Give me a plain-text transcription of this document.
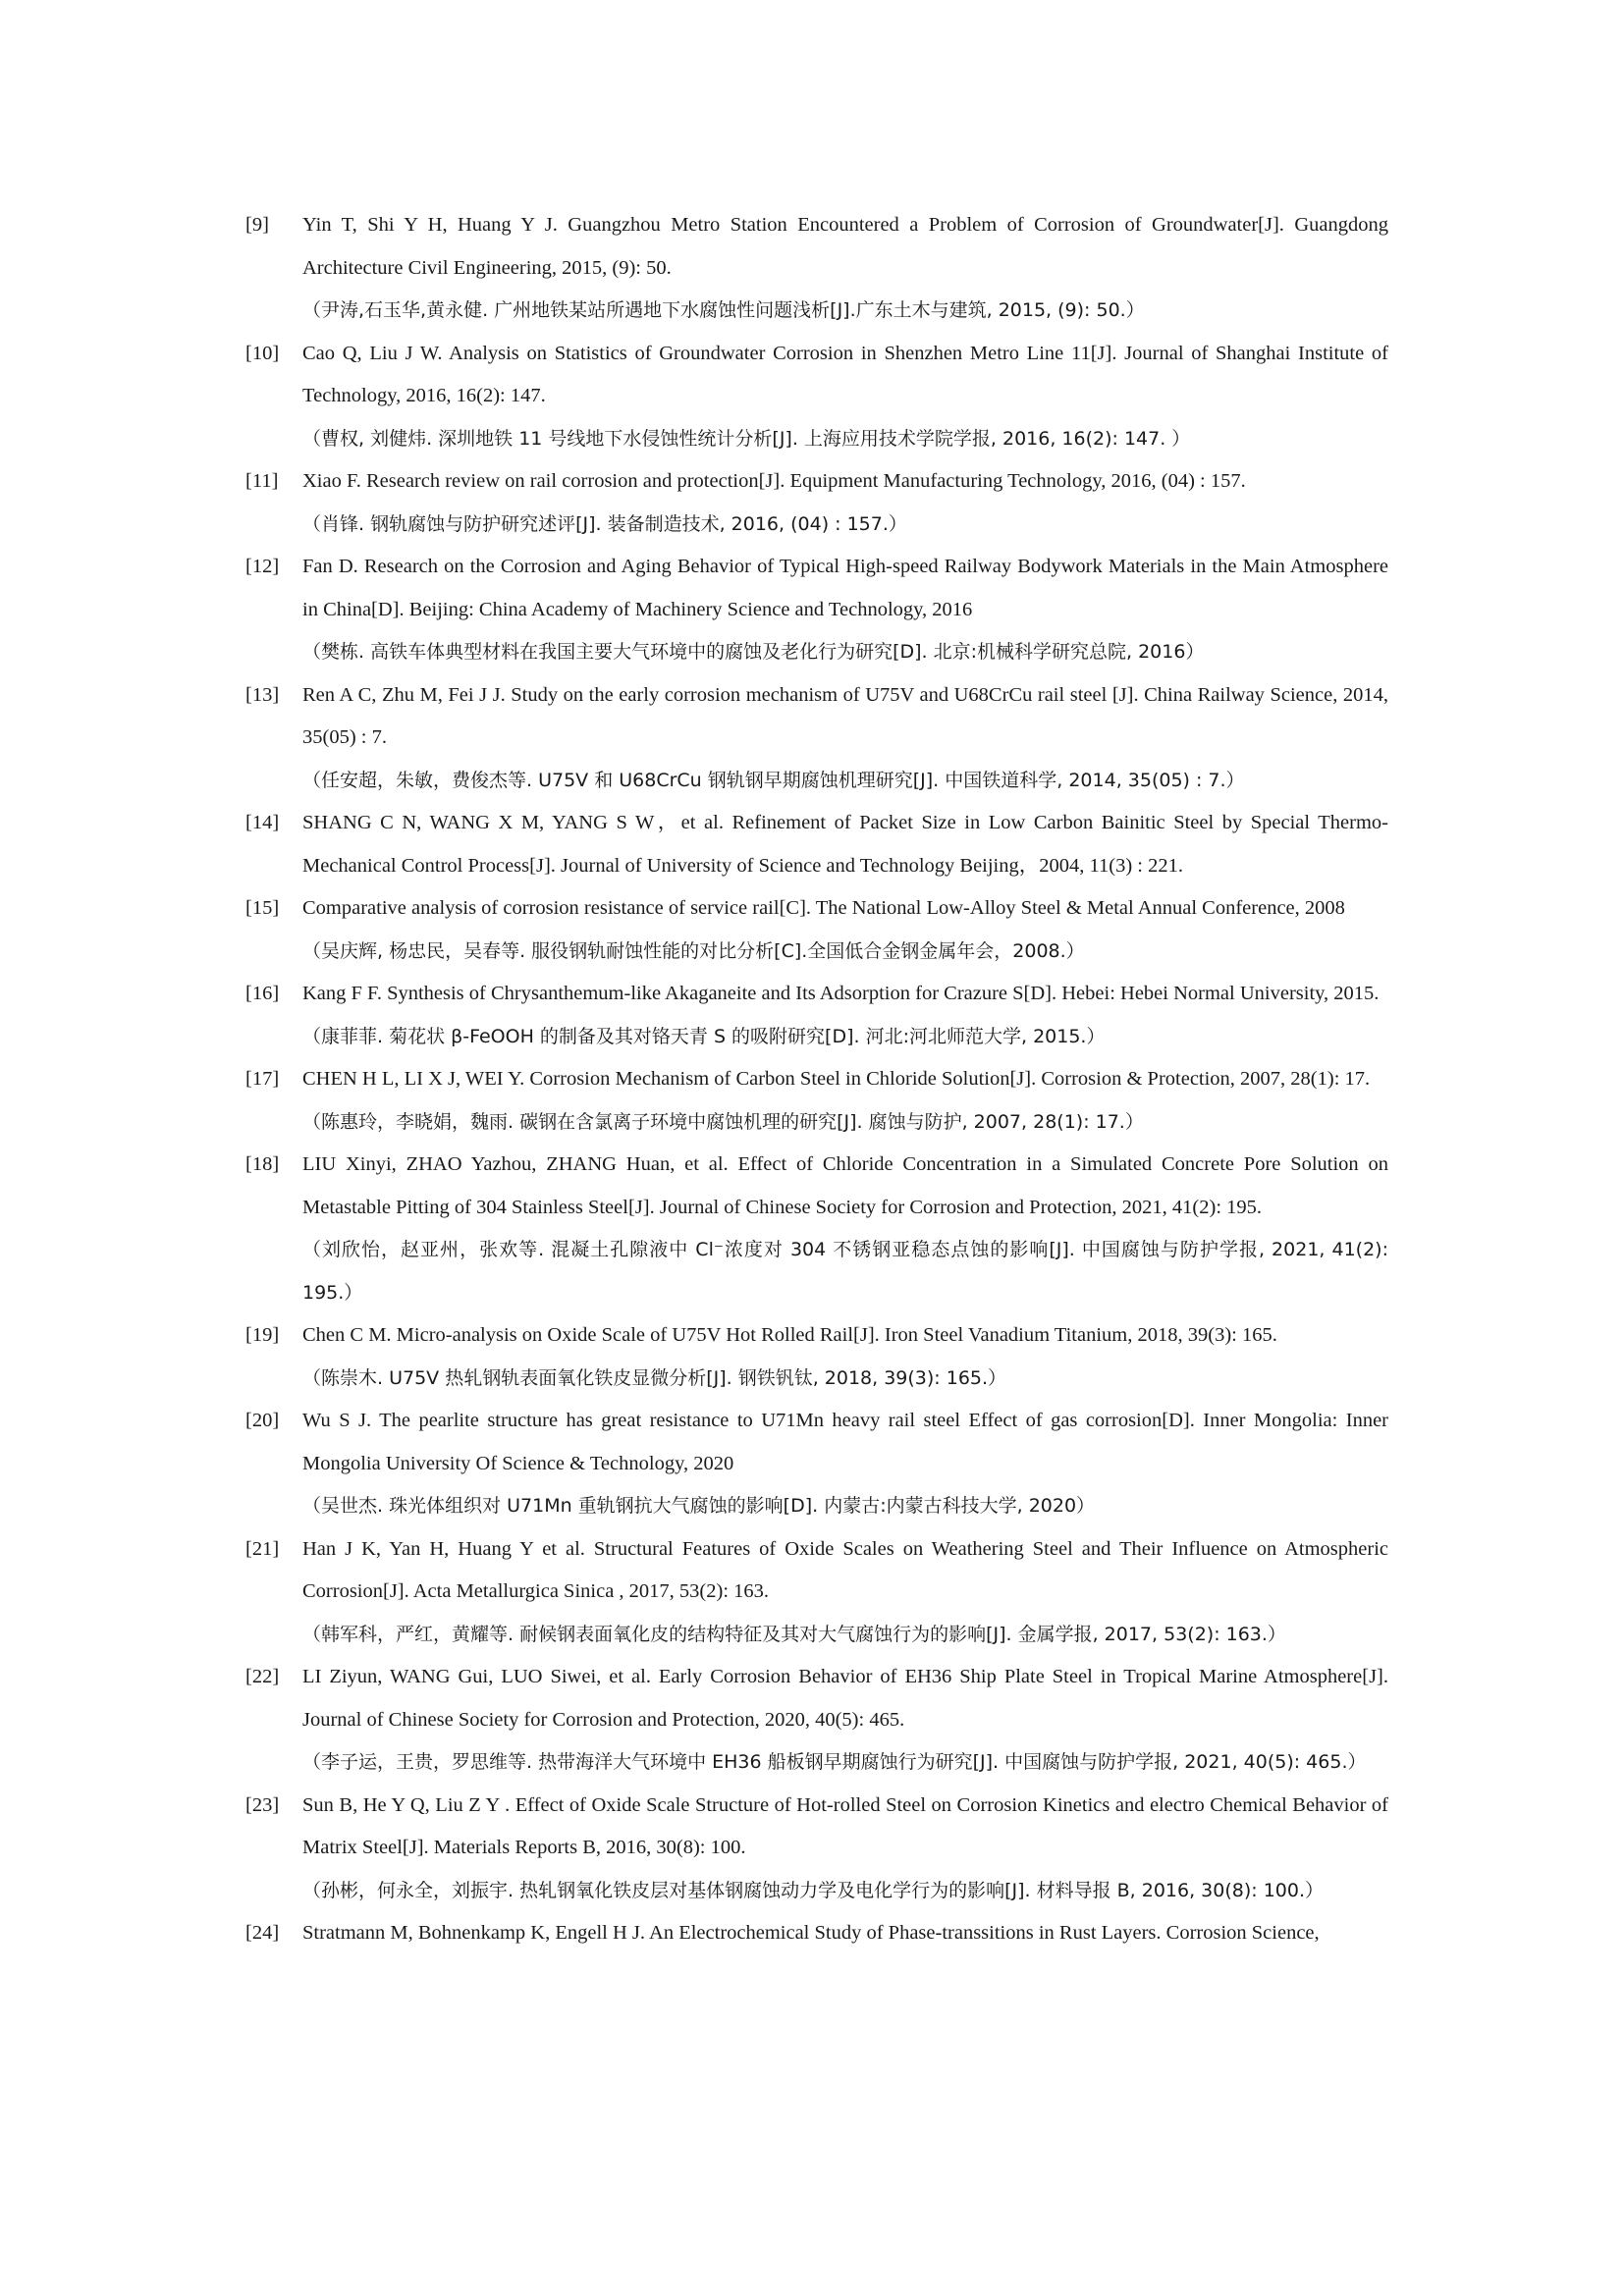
[9] Yin T, Shi Y H, Huang Y J. Guangzhou Metro Station Encountered a Problem of Corrosion of Groundwater[J]. Guangdong Architecture Civil Engineering, 2015, (9): 50.
（尹涛,石玉华,黄永健. 广州地铁某站所遇地下水腐蚀性问题浅析[J].广东土木与建筑, 2015, (9): 50.）
[10] Cao Q, Liu J W. Analysis on Statistics of Groundwater Corrosion in Shenzhen Metro Line 11[J]. Journal of Shanghai Institute of Technology, 2016, 16(2): 147.
（曹权, 刘健炜. 深圳地铁 11 号线地下水侵蚀性统计分析[J]. 上海应用技术学院学报, 2016, 16(2): 147. ）
[11] Xiao F. Research review on rail corrosion and protection[J]. Equipment Manufacturing Technology, 2016, (04) : 157.
（肖锋. 钢轨腐蚀与防护研究述评[J]. 装备制造技术, 2016, (04) : 157.）
[12] Fan D. Research on the Corrosion and Aging Behavior of Typical High-speed Railway Bodywork Materials in the Main Atmosphere in China[D]. Beijing: China Academy of Machinery Science and Technology, 2016
（樊栋. 高铁车体典型材料在我国主要大气环境中的腐蚀及老化行为研究[D]. 北京:机械科学研究总院, 2016）
[13] Ren A C, Zhu M, Fei J J. Study on the early corrosion mechanism of U75V and U68CrCu rail steel [J]. China Railway Science, 2014, 35(05) : 7.
（任安超，朱敏，费俊杰等. U75V 和 U68CrCu 钢轨钢早期腐蚀机理研究[J]. 中国铁道科学, 2014, 35(05) : 7.）
[14] SHANG C N, WANG X M, YANG S W，et al. Refinement of Packet Size in Low Carbon Bainitic Steel by Special Thermo-Mechanical Control Process[J]. Journal of University of Science and Technology Beijing，2004, 11(3) : 221.
[15] Comparative analysis of corrosion resistance of service rail[C]. The National Low-Alloy Steel & Metal Annual Conference, 2008
（吴庆辉, 杨忠民，吴春等. 服役钢轨耐蚀性能的对比分析[C].全国低合金钢金属年会，2008.）
[16] Kang F F. Synthesis of Chrysanthemum-like Akaganeite and Its Adsorption for Crazure S[D]. Hebei: Hebei Normal University, 2015.
（康菲菲. 菊花状 β-FeOOH 的制备及其对铬天青 S 的吸附研究[D]. 河北:河北师范大学, 2015.）
[17] CHEN H L, LI X J, WEI Y. Corrosion Mechanism of Carbon Steel in Chloride Solution[J]. Corrosion & Protection, 2007, 28(1): 17.
（陈惠玲，李晓娟，魏雨. 碳钢在含氯离子环境中腐蚀机理的研究[J]. 腐蚀与防护, 2007, 28(1): 17.）
[18] LIU Xinyi, ZHAO Yazhou, ZHANG Huan, et al. Effect of Chloride Concentration in a Simulated Concrete Pore Solution on Metastable Pitting of 304 Stainless Steel[J]. Journal of Chinese Society for Corrosion and Protection, 2021, 41(2): 195.
（刘欣怡，赵亚州，张欢等. 混凝土孔隙液中 Cl⁻浓度对 304 不锈钢亚稳态点蚀的影响[J]. 中国腐蚀与防护学报, 2021, 41(2): 195.）
[19] Chen C M. Micro-analysis on Oxide Scale of U75V Hot Rolled Rail[J]. Iron Steel Vanadium Titanium, 2018, 39(3): 165.
（陈崇木. U75V 热轧钢轨表面氧化铁皮显微分析[J]. 钢铁钒钛, 2018, 39(3): 165.）
[20] Wu S J. The pearlite structure has great resistance to U71Mn heavy rail steel Effect of gas corrosion[D]. Inner Mongolia: Inner Mongolia University Of Science & Technology, 2020
（吴世杰. 珠光体组织对 U71Mn 重轨钢抗大气腐蚀的影响[D]. 内蒙古:内蒙古科技大学, 2020）
[21] Han J K, Yan H, Huang Y et al. Structural Features of Oxide Scales on Weathering Steel and Their Influence on Atmospheric Corrosion[J]. Acta Metallurgica Sinica , 2017, 53(2): 163.
（韩军科，严红，黄耀等. 耐候钢表面氧化皮的结构特征及其对大气腐蚀行为的影响[J]. 金属学报, 2017, 53(2): 163.）
[22] LI Ziyun, WANG Gui, LUO Siwei, et al. Early Corrosion Behavior of EH36 Ship Plate Steel in Tropical Marine Atmosphere[J]. Journal of Chinese Society for Corrosion and Protection, 2020, 40(5): 465.
（李子运，王贵，罗思维等. 热带海洋大气环境中 EH36 船板钢早期腐蚀行为研究[J]. 中国腐蚀与防护学报, 2021, 40(5): 465.）
[23] Sun B, He Y Q, Liu Z Y . Effect of Oxide Scale Structure of Hot-rolled Steel on Corrosion Kinetics and electro Chemical Behavior of Matrix Steel[J]. Materials Reports B, 2016, 30(8): 100.
（孙彬，何永全，刘振宇. 热轧钢氧化铁皮层对基体钢腐蚀动力学及电化学行为的影响[J]. 材料导报 B, 2016, 30(8): 100.）
[24] Stratmann M, Bohnenkamp K, Engell H J. An Electrochemical Study of Phase-transsitions in Rust Layers. Corrosion Science,
